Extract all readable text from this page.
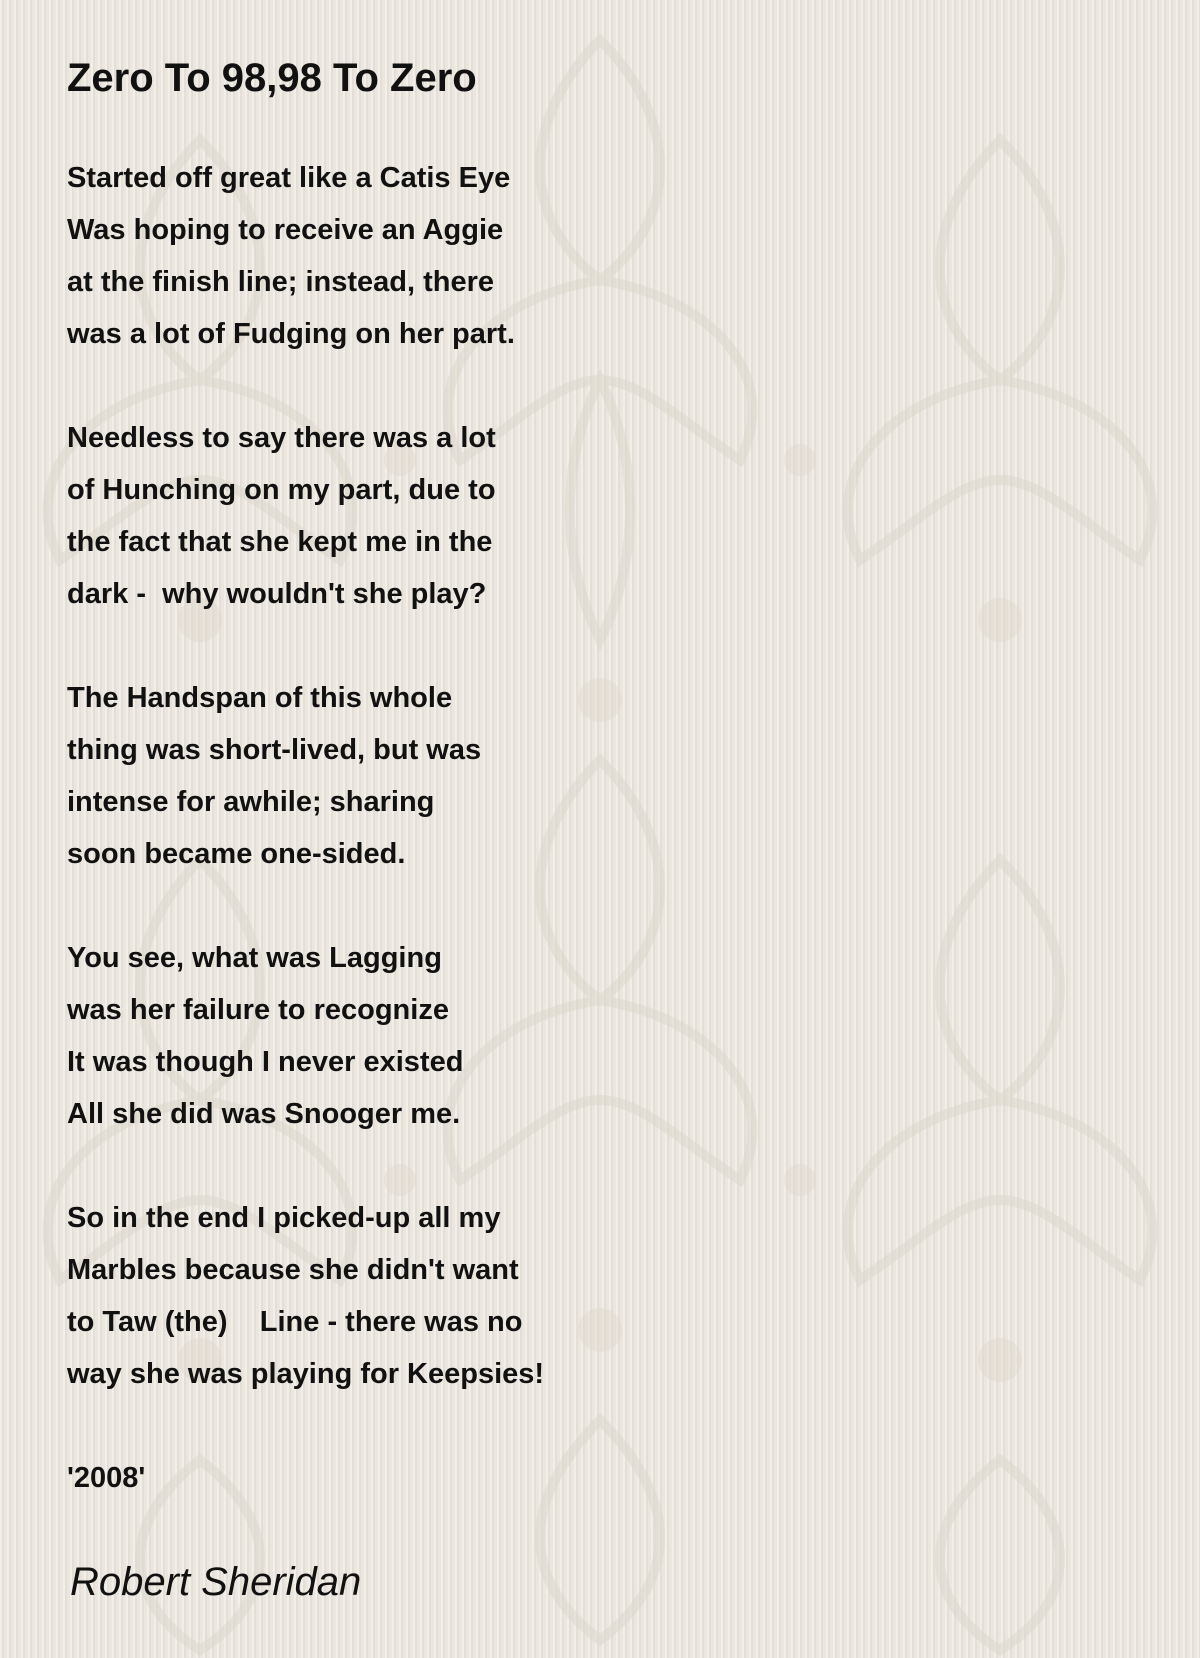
Zero To 98,98 To Zero
Started off great like a Catis Eye
Was hoping to receive an Aggie
at the finish line; instead, there
was a lot of Fudging on her part.
Needless to say there was a lot
of Hunching on my part, due to
the fact that she kept me in the
dark -  why wouldn't she play?
The Handspan of this whole
thing was short-lived, but was
intense for awhile; sharing
soon became one-sided.
You see, what was Lagging
was her failure to recognize
It was though I never existed
All she did was Snooger me.
So in the end I picked-up all my
Marbles because she didn't want
to Taw (the)    Line - there was no
way she was playing for Keepsies!
'2008'
Robert Sheridan
